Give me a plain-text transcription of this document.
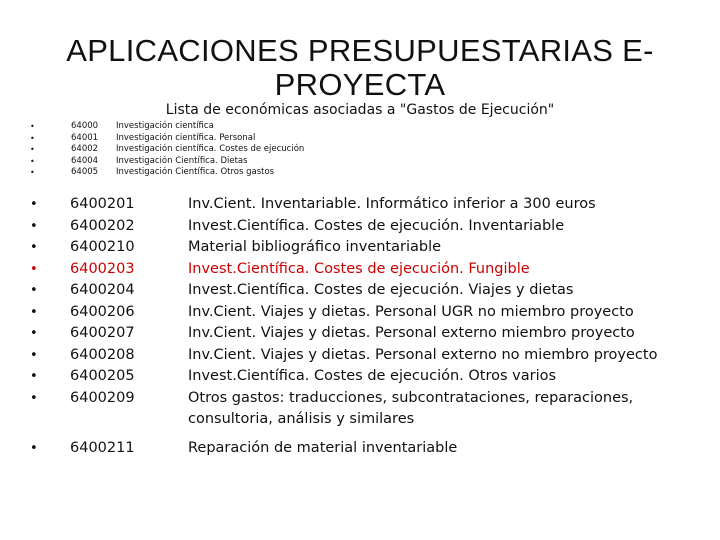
APLICACIONES PRESUPUESTARIAS E-PROYECTA
Lista de económicas asociadas a "Gastos de Ejecución"
•	64000 Investigación científica
•	64001 Investigación científica. Personal
•	64002 Investigación científica. Costes de ejecución
•	64004 Investigación Científica. Dietas
•	64005 Investigación Científica. Otros gastos
• 6400201	Inv.Cient. Inventariable. Informático inferior a 300 euros
• 6400202	Invest.Científica. Costes de ejecución. Inventariable
• 6400210	Material bibliográfico inventariable
• 6400203	Invest.Científica. Costes de ejecución. Fungible
• 6400204	Invest.Científica. Costes de ejecución. Viajes y dietas
• 6400206	Inv.Cient. Viajes y dietas. Personal UGR no miembro proyecto
• 6400207	Inv.Cient. Viajes y dietas. Personal externo miembro proyecto
• 6400208	Inv.Cient. Viajes y dietas. Personal externo no miembro proyecto
• 6400205	Invest.Científica. Costes de ejecución. Otros varios
• 6400209	Otros gastos: traducciones, subcontrataciones, reparaciones, consultoria, análisis y similares
• 6400211	Reparación de material inventariable
